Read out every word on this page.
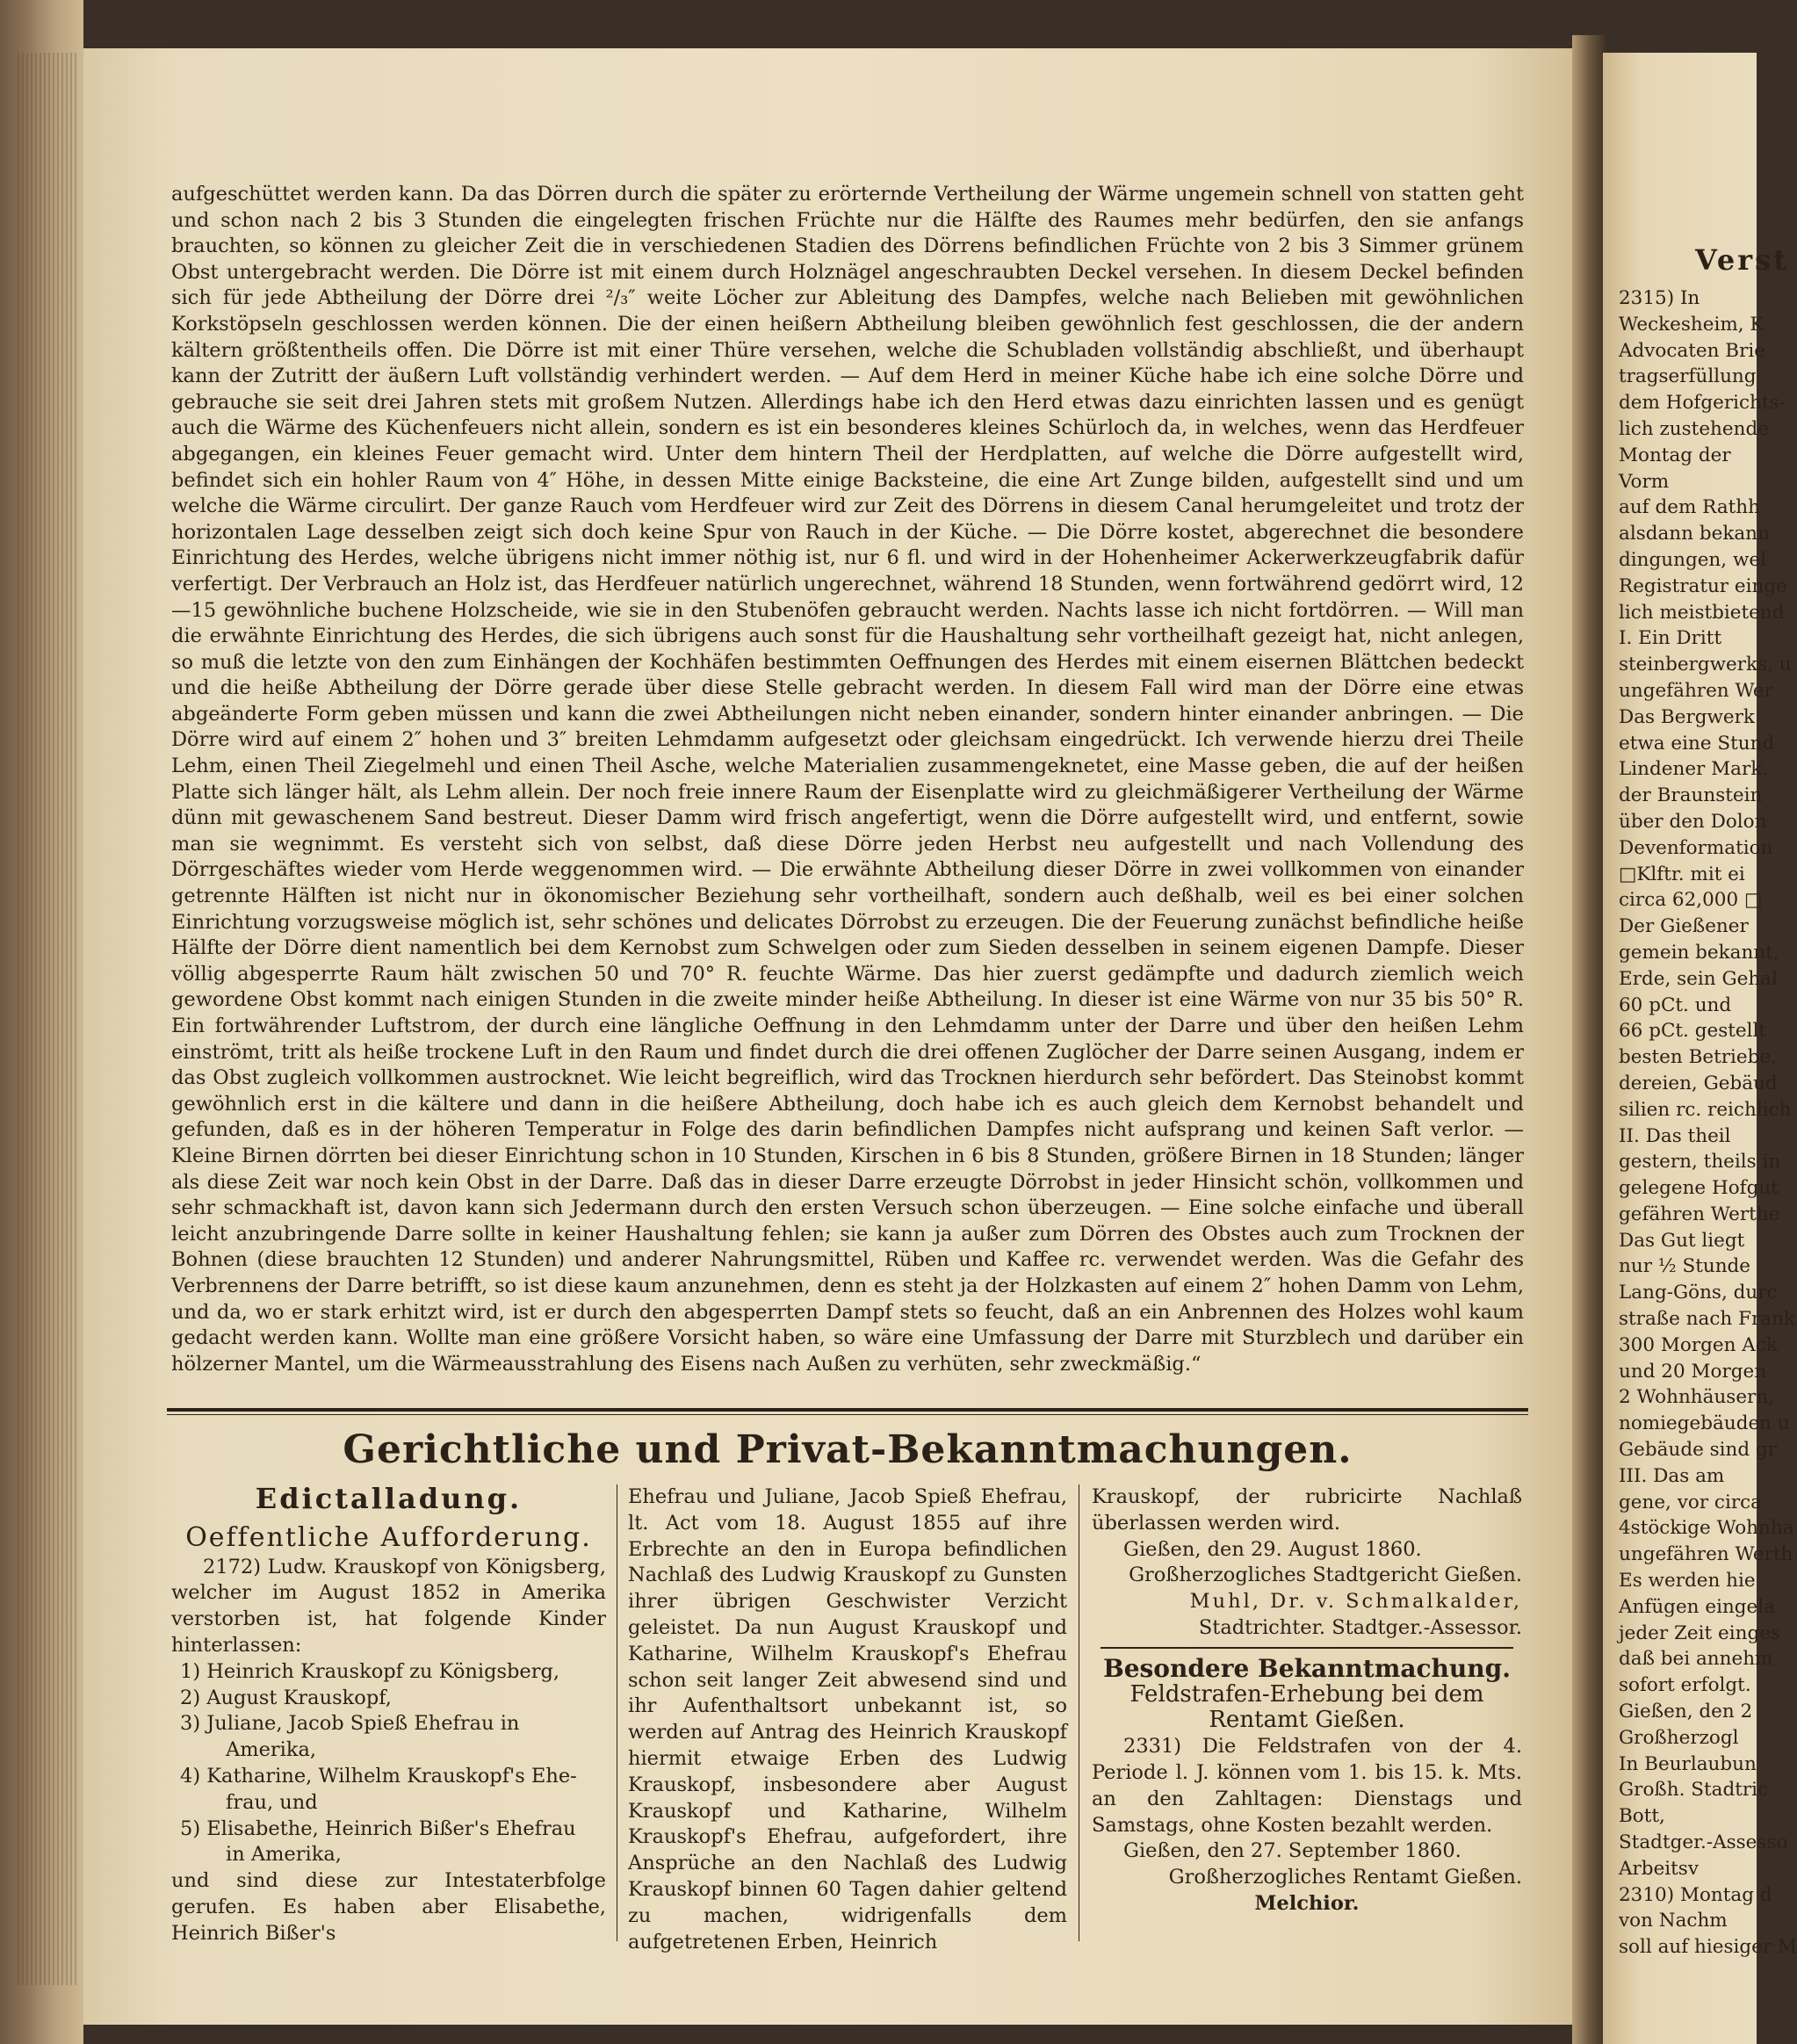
aufgeschüttet werden kann. Da das Dörren durch die später zu erörternde Vertheilung der Wärme ungemein schnell von statten geht und schon nach 2 bis 3 Stunden die eingelegten frischen Früchte nur die Hälfte des Raumes mehr bedürfen, den sie anfangs brauchten, so können zu gleicher Zeit die in verschiedenen Stadien des Dörrens befindlichen Früchte von 2 bis 3 Simmer grünem Obst untergebracht werden. Die Dörre ist mit einem durch Holznägel angeschraubten Deckel versehen. In diesem Deckel befinden sich für jede Abtheilung der Dörre drei ²/₃″ weite Löcher zur Ableitung des Dampfes, welche nach Belieben mit gewöhnlichen Korkstöpseln geschlossen werden können. Die der einen heißern Abtheilung bleiben gewöhnlich fest geschlossen, die der andern kältern größtentheils offen. Die Dörre ist mit einer Thüre versehen, welche die Schubladen vollständig abschließt, und überhaupt kann der Zutritt der äußern Luft vollständig verhindert werden. — Auf dem Herd in meiner Küche habe ich eine solche Dörre und gebrauche sie seit drei Jahren stets mit großem Nutzen. Allerdings habe ich den Herd etwas dazu einrichten lassen und es genügt auch die Wärme des Küchenfeuers nicht allein, sondern es ist ein besonderes kleines Schürloch da, in welches, wenn das Herdfeuer abgegangen, ein kleines Feuer gemacht wird. Unter dem hintern Theil der Herdplatten, auf welche die Dörre aufgestellt wird, befindet sich ein hohler Raum von 4″ Höhe, in dessen Mitte einige Backsteine, die eine Art Zunge bilden, aufgestellt sind und um welche die Wärme circulirt. Der ganze Rauch vom Herdfeuer wird zur Zeit des Dörrens in diesem Canal herumgeleitet und trotz der horizontalen Lage desselben zeigt sich doch keine Spur von Rauch in der Küche. — Die Dörre kostet, abgerechnet die besondere Einrichtung des Herdes, welche übrigens nicht immer nöthig ist, nur 6 fl. und wird in der Hohenheimer Ackerwerkzeugfabrik dafür verfertigt. Der Verbrauch an Holz ist, das Herdfeuer natürlich ungerechnet, während 18 Stunden, wenn fortwährend gedörrt wird, 12—15 gewöhnliche buchene Holzscheide, wie sie in den Stubenöfen gebraucht werden. Nachts lasse ich nicht fortdörren. — Will man die erwähnte Einrichtung des Herdes, die sich übrigens auch sonst für die Haushaltung sehr vortheilhaft gezeigt hat, nicht anlegen, so muß die letzte von den zum Einhängen der Kochhäfen bestimmten Oeffnungen des Herdes mit einem eisernen Blättchen bedeckt und die heiße Abtheilung der Dörre gerade über diese Stelle gebracht werden. In diesem Fall wird man der Dörre eine etwas abgeänderte Form geben müssen und kann die zwei Abtheilungen nicht neben einander, sondern hinter einander anbringen. — Die Dörre wird auf einem 2″ hohen und 3″ breiten Lehmdamm aufgesetzt oder gleichsam eingedrückt. Ich verwende hierzu drei Theile Lehm, einen Theil Ziegelmehl und einen Theil Asche, welche Materialien zusammengeknetet, eine Masse geben, die auf der heißen Platte sich länger hält, als Lehm allein. Der noch freie innere Raum der Eisenplatte wird zu gleichmäßigerer Vertheilung der Wärme dünn mit gewaschenem Sand bestreut. Dieser Damm wird frisch angefertigt, wenn die Dörre aufgestellt wird, und entfernt, sowie man sie wegnimmt. Es versteht sich von selbst, daß diese Dörre jeden Herbst neu aufgestellt und nach Vollendung des Dörrgeschäftes wieder vom Herde weggenommen wird. — Die erwähnte Abtheilung dieser Dörre in zwei vollkommen von einander getrennte Hälften ist nicht nur in ökonomischer Beziehung sehr vortheilhaft, sondern auch deßhalb, weil es bei einer solchen Einrichtung vorzugsweise möglich ist, sehr schönes und delicates Dörrobst zu erzeugen. Die der Feuerung zunächst befindliche heiße Hälfte der Dörre dient namentlich bei dem Kernobst zum Schwelgen oder zum Sieden desselben in seinem eigenen Dampfe. Dieser völlig abgesperrte Raum hält zwischen 50 und 70° R. feuchte Wärme. Das hier zuerst gedämpfte und dadurch ziemlich weich gewordene Obst kommt nach einigen Stunden in die zweite minder heiße Abtheilung. In dieser ist eine Wärme von nur 35 bis 50° R. Ein fortwährender Luftstrom, der durch eine längliche Oeffnung in den Lehmdamm unter der Darre und über den heißen Lehm einströmt, tritt als heiße trockene Luft in den Raum und findet durch die drei offenen Zuglöcher der Darre seinen Ausgang, indem er das Obst zugleich vollkommen austrocknet. Wie leicht begreiflich, wird das Trocknen hierdurch sehr befördert. Das Steinobst kommt gewöhnlich erst in die kältere und dann in die heißere Abtheilung, doch habe ich es auch gleich dem Kernobst behandelt und gefunden, daß es in der höheren Temperatur in Folge des darin befindlichen Dampfes nicht aufsprang und keinen Saft verlor. — Kleine Birnen dörrten bei dieser Einrichtung schon in 10 Stunden, Kirschen in 6 bis 8 Stunden, größere Birnen in 18 Stunden; länger als diese Zeit war noch kein Obst in der Darre. Daß das in dieser Darre erzeugte Dörrobst in jeder Hinsicht schön, vollkommen und sehr schmackhaft ist, davon kann sich Jedermann durch den ersten Versuch schon überzeugen. — Eine solche einfache und überall leicht anzubringende Darre sollte in keiner Haushaltung fehlen; sie kann ja außer zum Dörren des Obstes auch zum Trocknen der Bohnen (diese brauchten 12 Stunden) und anderer Nahrungsmittel, Rüben und Kaffee rc. verwendet werden. Was die Gefahr des Verbrennens der Darre betrifft, so ist diese kaum anzunehmen, denn es steht ja der Holzkasten auf einem 2″ hohen Damm von Lehm, und da, wo er stark erhitzt wird, ist er durch den abgesperrten Dampf stets so feucht, daß an ein Anbrennen des Holzes wohl kaum gedacht werden kann. Wollte man eine größere Vorsicht haben, so wäre eine Umfassung der Darre mit Sturzblech und darüber ein hölzerner Mantel, um die Wärmeausstrahlung des Eisens nach Außen zu verhüten, sehr zweckmäßig.“

Gerichtliche und Privat-Bekanntmachungen.

Edictalladung.

Oeffentliche Aufforderung.

2172) Ludw. Krauskopf von Königsberg, welcher im August 1852 in Amerika verstorben ist, hat folgende Kinder hinterlassen:

1) Heinrich Krauskopf zu Königsberg,

2) August Krauskopf,

3) Juliane, Jacob Spieß Ehefrau in

Amerika,

4) Katharine, Wilhelm Krauskopf's Ehe-

frau, und

5) Elisabethe, Heinrich Bißer's Ehefrau

in Amerika,

und sind diese zur Intestaterbfolge gerufen. Es haben aber Elisabethe, Heinrich Bißer's

Ehefrau und Juliane, Jacob Spieß Ehefrau, lt. Act vom 18. August 1855 auf ihre Erbrechte an den in Europa befindlichen Nachlaß des Ludwig Krauskopf zu Gunsten ihrer übrigen Geschwister Verzicht geleistet. Da nun August Krauskopf und Katharine, Wilhelm Krauskopf's Ehefrau schon seit langer Zeit abwesend sind und ihr Aufenthaltsort unbekannt ist, so werden auf Antrag des Heinrich Krauskopf hiermit etwaige Erben des Ludwig Krauskopf, insbesondere aber August Krauskopf und Katharine, Wilhelm Krauskopf's Ehefrau, aufgefordert, ihre Ansprüche an den Nachlaß des Ludwig Krauskopf binnen 60 Tagen dahier geltend zu machen, widrigenfalls dem aufgetretenen Erben, Heinrich

Krauskopf, der rubricirte Nachlaß überlassen werden wird.

Gießen, den 29. August 1860.

Großherzogliches Stadtgericht Gießen.

Muhl, Dr. v. Schmalkalder,

Stadtrichter. Stadtger.-Assessor.

Besondere Bekanntmachung.

Feldstrafen-Erhebung bei dem Rentamt Gießen.

2331) Die Feldstrafen von der 4. Periode l. J. können vom 1. bis 15. k. Mts. an den Zahltagen: Dienstags und Samstags, ohne Kosten bezahlt werden.

Gießen, den 27. September 1860.

Großherzogliches Rentamt Gießen.

Melchior.

Verst
2315) In
Weckesheim, K
Advocaten Brie
tragserfüllung
dem Hofgerichts-
lich zustehende
Montag der
Vorm
auf dem Rathh
alsdann bekann
dingungen, wel
Registratur einge
lich meistbietend
I. Ein Dritt
steinbergwerks, u
ungefähren Wer
Das Bergwerk
etwa eine Stund
Lindener Mark.
der Braunstein
über den Dolon
Devenformation
□Klftr. mit ei
circa 62,000 □
Der Gießener
gemein bekannt,
Erde, sein Gehal
60 pCt. und
66 pCt. gestellt
besten Betriebe,
dereien, Gebäud
silien rc. reichlich
II. Das theil
gestern, theils in
gelegene Hofgut
gefähren Werthe
Das Gut liegt
nur ½ Stunde
Lang-Göns, durc
straße nach Frank
300 Morgen Ack
und 20 Morgen
2 Wohnhäusern,
nomiegebäuden u
Gebäude sind gr
III. Das am
gene, vor circa
4stöckige Wohnha
ungefähren Werth
Es werden hie
Anfügen eingela
jeder Zeit einges
daß bei annehm
sofort erfolgt.
Gießen, den 2
Großherzogl
In Beurlaubun
Großh. Stadtric
Bott,
Stadtger.-Assesso
Arbeitsv
2310) Montag d
von Nachm
soll auf hiesiger M
